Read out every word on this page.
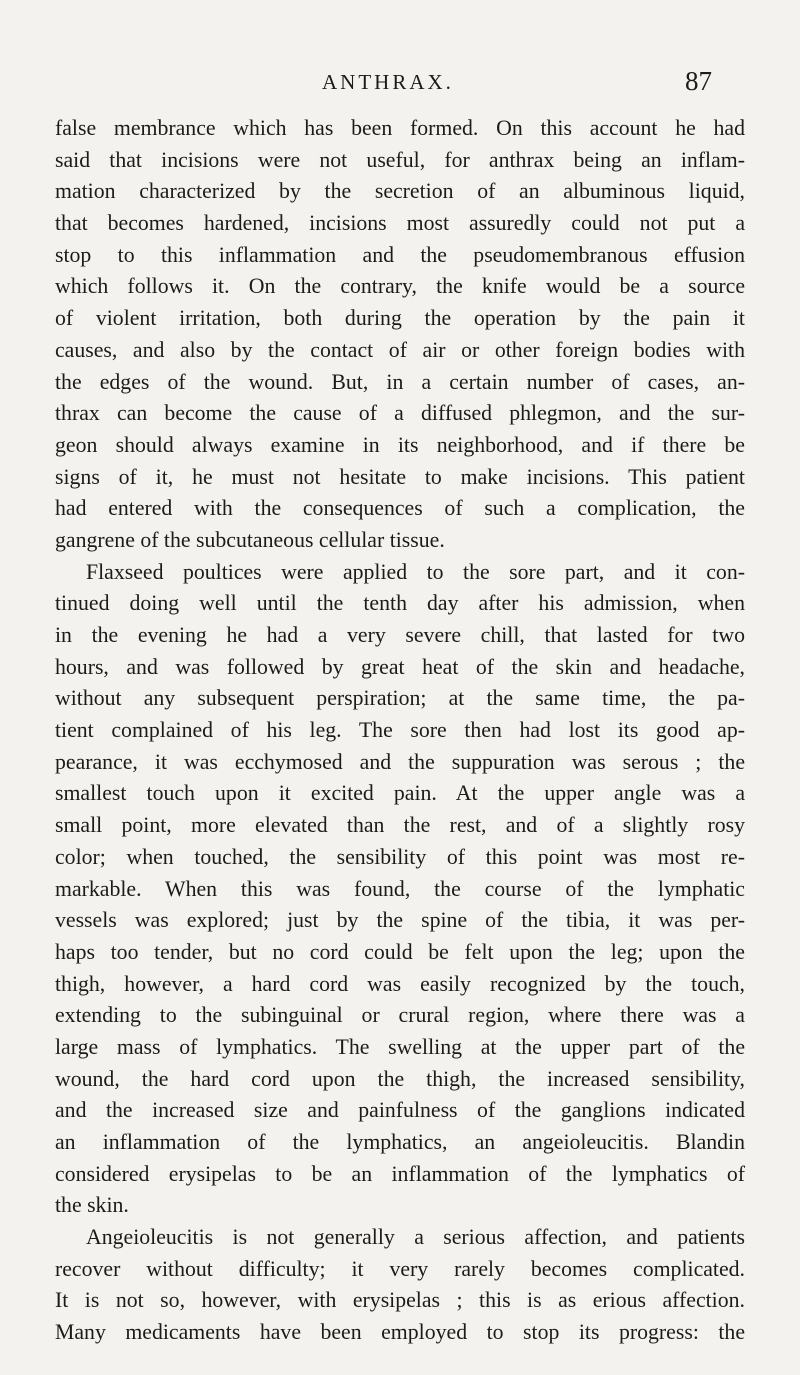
ANTHRAX.	87
false membrance which has been formed. On this account he had
said that incisions were not useful, for anthrax being an inflam-
mation characterized by the secretion of an albuminous liquid,
that becomes hardened, incisions most assuredly could not put a
stop to this inflammation and the pseudomembranous effusion
which follows it. On the contrary, the knife would be a source
of violent irritation, both during the operation by the pain it
causes, and also by the contact of air or other foreign bodies with
the edges of the wound. But, in a certain number of cases, an-
thrax can become the cause of a diffused phlegmon, and the sur-
geon should always examine in its neighborhood, and if there be
signs of it, he must not hesitate to make incisions. This patient
had entered with the consequences of such a complication, the
gangrene of the subcutaneous cellular tissue.
Flaxseed poultices were applied to the sore part, and it con-
tinued doing well until the tenth day after his admission, when
in the evening he had a very severe chill, that lasted for two
hours, and was followed by great heat of the skin and headache,
without any subsequent perspiration; at the same time, the pa-
tient complained of his leg. The sore then had lost its good ap-
pearance, it was ecchymosed and the suppuration was serous ; the
smallest touch upon it excited pain. At the upper angle was a
small point, more elevated than the rest, and of a slightly rosy
color; when touched, the sensibility of this point was most re-
markable. When this was found, the course of the lymphatic
vessels was explored; just by the spine of the tibia, it was per-
haps too tender, but no cord could be felt upon the leg; upon the
thigh, however, a hard cord was easily recognized by the touch,
extending to the subinguinal or crural region, where there was a
large mass of lymphatics. The swelling at the upper part of the
wound, the hard cord upon the thigh, the increased sensibility,
and the increased size and painfulness of the ganglions indicated
an inflammation of the lymphatics, an angeioleucitis. Blandin
considered erysipelas to be an inflammation of the lymphatics of
the skin.
Angeioleucitis is not generally a serious affection, and patients
recover without difficulty; it very rarely becomes complicated.
It is not so, however, with erysipelas ; this is as erious affection.
Many medicaments have been employed to stop its progress: the
